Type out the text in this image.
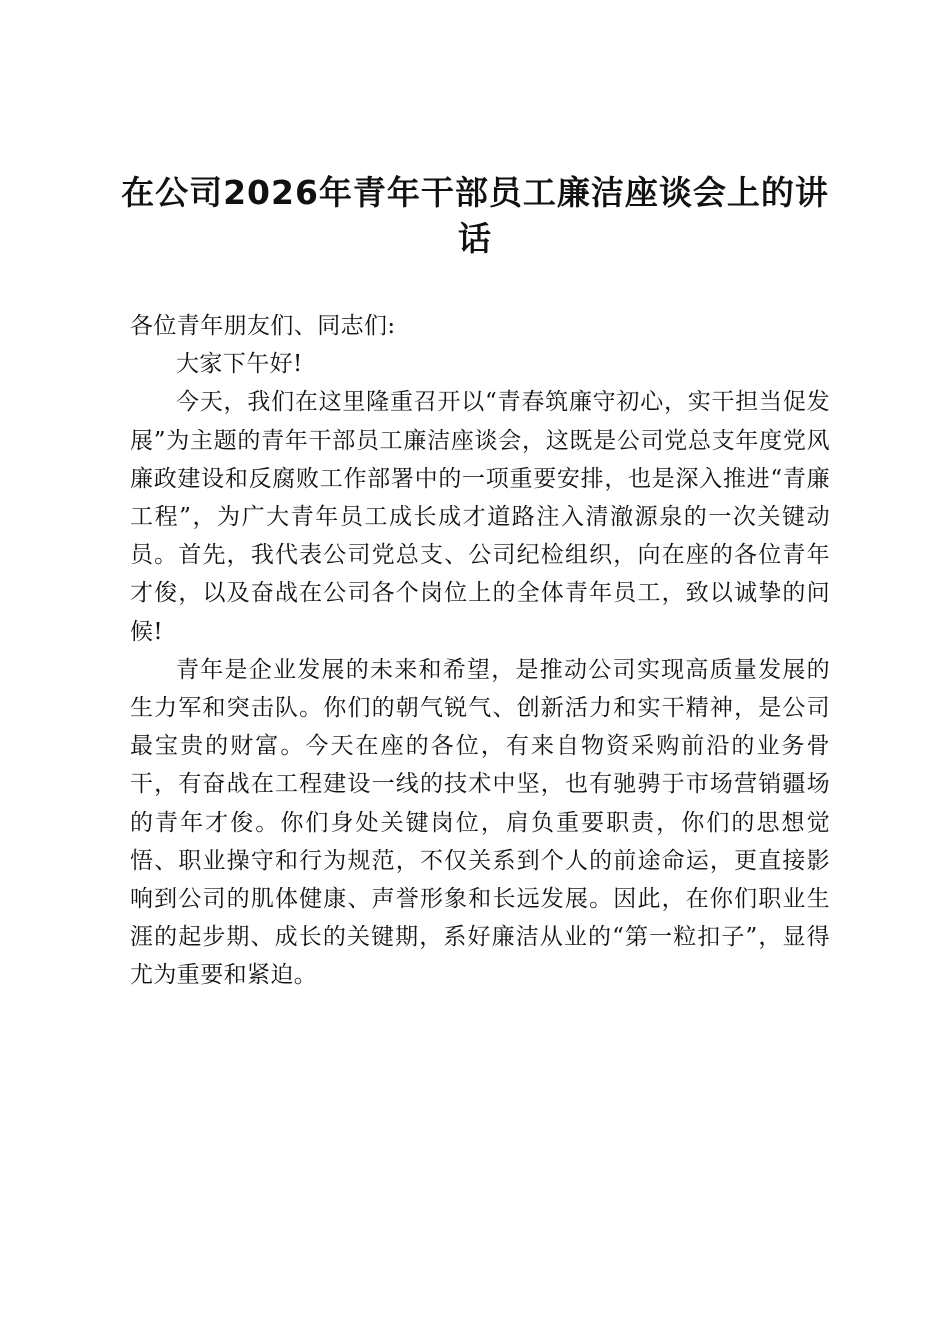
在公司2026年青年干部员工廉洁座谈会上的讲话

各位青年朋友们、同志们:

大家下午好!

今天，我们在这里隆重召开以“青春筑廉守初心，实干担当促发展”为主题的青年干部员工廉洁座谈会，这既是公司党总支年度党风廉政建设和反腐败工作部署中的一项重要安排，也是深入推进“青廉工程”，为广大青年员工成长成才道路注入清澈源泉的一次关键动员。首先，我代表公司党总支、公司纪检组织，向在座的各位青年才俊，以及奋战在公司各个岗位上的全体青年员工，致以诚挚的问候!

青年是企业发展的未来和希望，是推动公司实现高质量发展的生力军和突击队。你们的朝气锐气、创新活力和实干精神，是公司最宝贵的财富。今天在座的各位，有来自物资采购前沿的业务骨干，有奋战在工程建设一线的技术中坚，也有驰骋于市场营销疆场的青年才俊。你们身处关键岗位，肩负重要职责，你们的思想觉悟、职业操守和行为规范，不仅关系到个人的前途命运，更直接影响到公司的肌体健康、声誉形象和长远发展。因此，在你们职业生涯的起步期、成长的关键期，系好廉洁从业的“第一粒扣子”，显得尤为重要和紧迫。
